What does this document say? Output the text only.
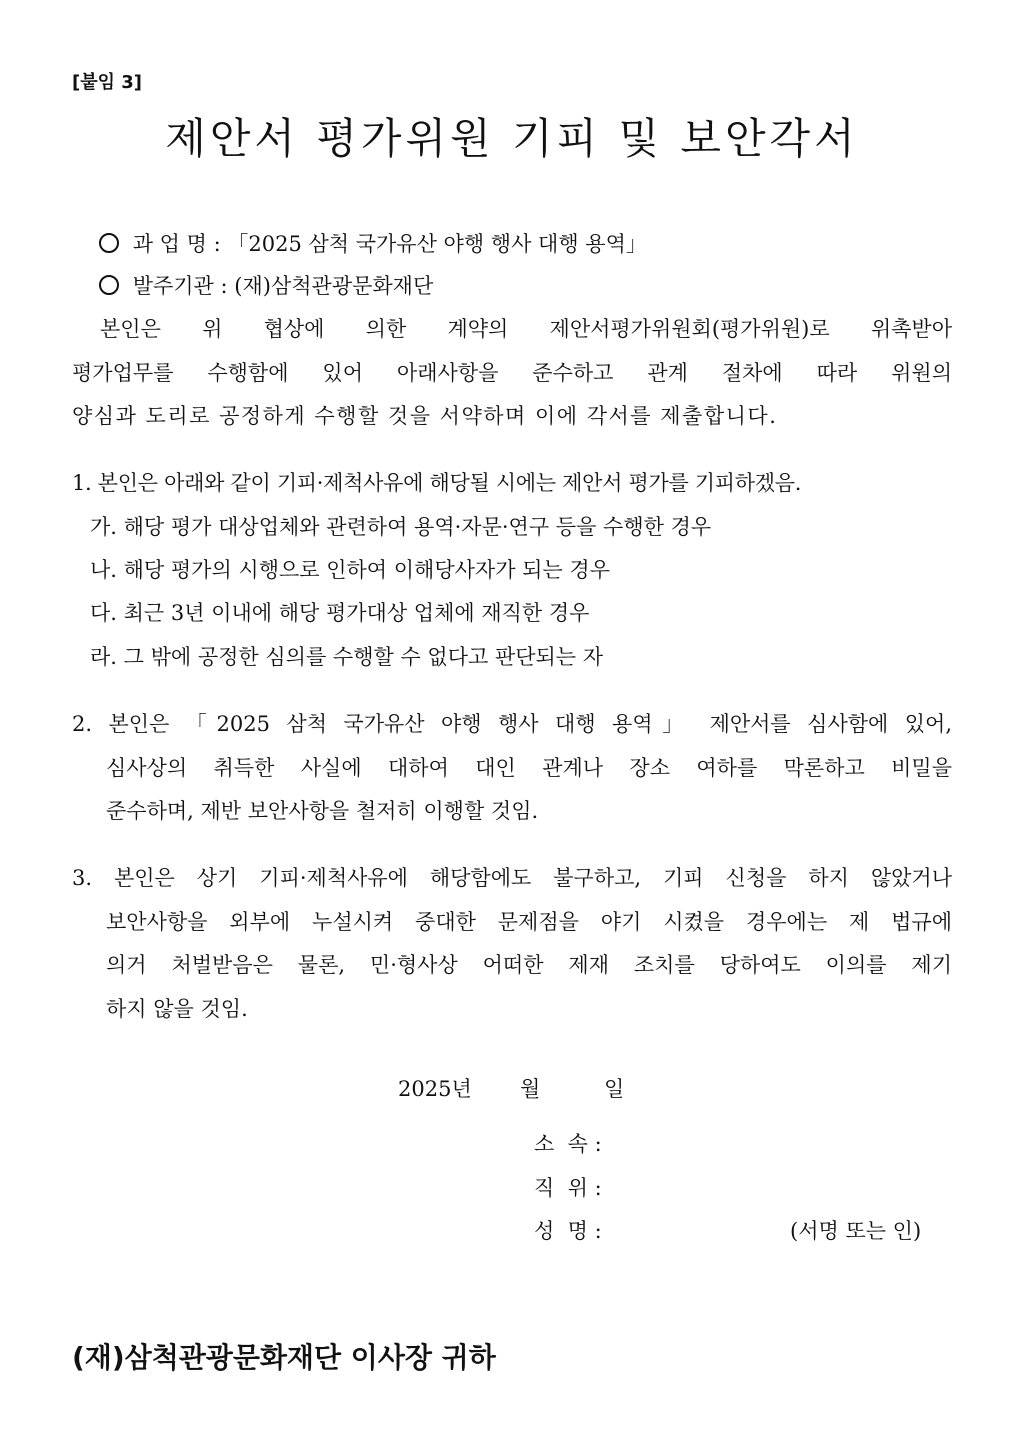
[붙임 3]
제안서 평가위원 기피 및 보안각서

과 업 명 : 「2025 삼척 국가유산 야행 행사 대행 용역」

발주기관 : (재)삼척관광문화재단

본인은 위 협상에 의한 계약의 제안서평가위원회(평가위원)로 위촉받아
평가업무를 수행함에 있어 아래사항을 준수하고 관계 절차에 따라 위원의
양심과 도리로 공정하게 수행할 것을 서약하며 이에 각서를 제출합니다.
1. 본인은 아래와 같이 기피·제척사유에 해당될 시에는 제안서 평가를 기피하겠음.
가. 해당 평가 대상업체와 관련하여 용역·자문·연구 등을 수행한 경우
나. 해당 평가의 시행으로 인하여 이해당사자가 되는 경우
다. 최근 3년 이내에 해당 평가대상 업체에 재직한 경우
라. 그 밖에 공정한 심의를 수행할 수 없다고 판단되는 자
2. 본인은 「2025 삼척 국가유산 야행 행사 대행 용역」 제안서를 심사함에 있어,
심사상의 취득한 사실에 대하여 대인 관계나 장소 여하를 막론하고 비밀을
준수하며, 제반 보안사항을 철저히 이행할 것임.
3. 본인은 상기 기피·제척사유에 해당함에도 불구하고, 기피 신청을 하지 않았거나
보안사항을 외부에 누설시켜 중대한 문제점을 야기 시켰을 경우에는 제 법규에
의거 처벌받음은 물론, 민·형사상 어떠한 제재 조치를 당하여도 이의를 제기
하지 않을 것임.
2025년 월	일
소  속 :
직  위 :
성  명 :	(서명 또는 인)
(재)삼척관광문화재단 이사장 귀하
